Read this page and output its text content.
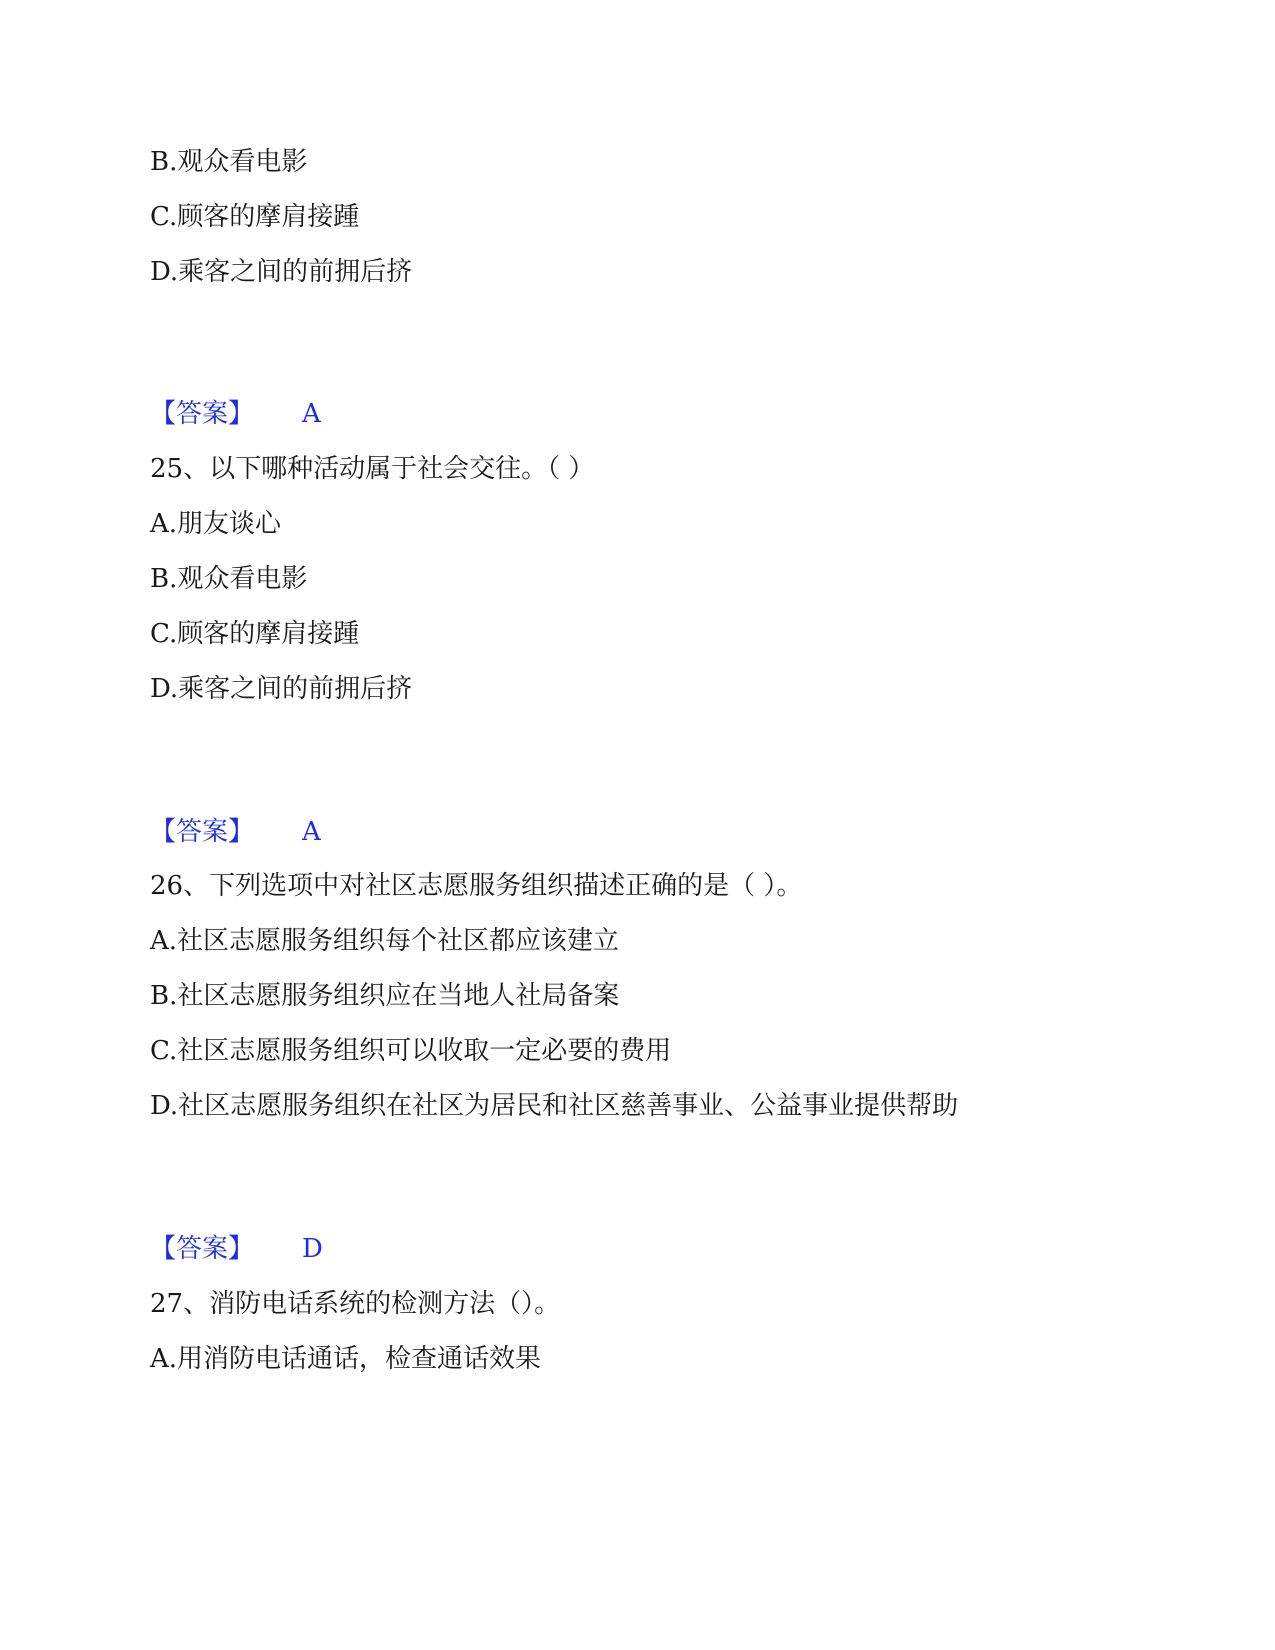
B.观众看电影
C.顾客的摩肩接踵
D.乘客之间的前拥后挤
【答案】 A
25、以下哪种活动属于社会交往。（ ）
A.朋友谈心
B.观众看电影
C.顾客的摩肩接踵
D.乘客之间的前拥后挤
【答案】 A
26、下列选项中对社区志愿服务组织描述正确的是（ ）。
A.社区志愿服务组织每个社区都应该建立
B.社区志愿服务组织应在当地人社局备案
C.社区志愿服务组织可以收取一定必要的费用
D.社区志愿服务组织在社区为居民和社区慈善事业、公益事业提供帮助
【答案】 D
27、消防电话系统的检测方法（）。
A.用消防电话通话，检查通话效果
